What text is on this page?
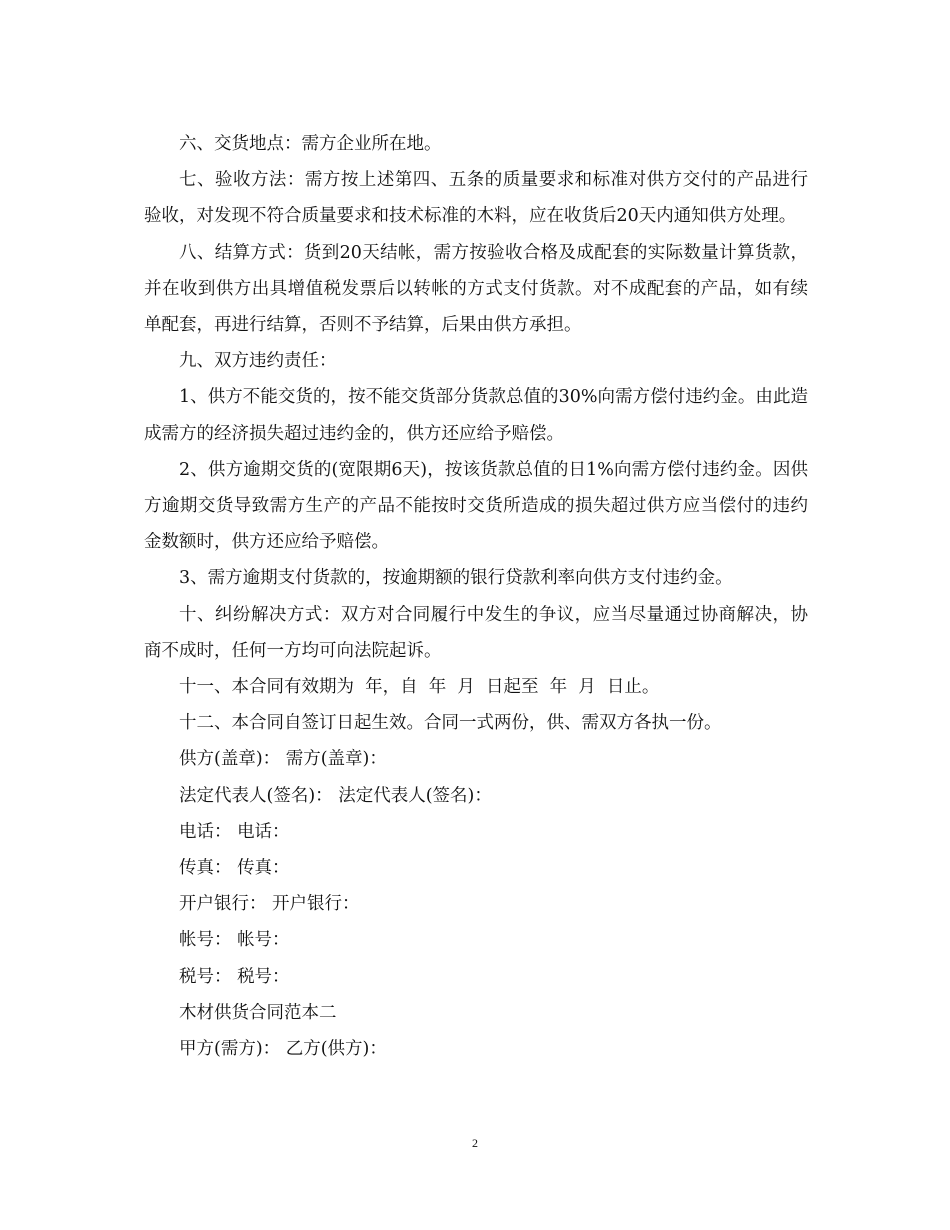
六、交货地点：需方企业所在地。

七、验收方法：需方按上述第四、五条的质量要求和标准对供方交付的产品进行验收，对发现不符合质量要求和技术标准的木料，应在收货后20天内通知供方处理。

八、结算方式：货到20天结帐，需方按验收合格及成配套的实际数量计算货款，并在收到供方出具增值税发票后以转帐的方式支付货款。对不成配套的产品，如有续单配套，再进行结算，否则不予结算，后果由供方承担。

九、双方违约责任：

1、供方不能交货的，按不能交货部分货款总值的30%向需方偿付违约金。由此造成需方的经济损失超过违约金的，供方还应给予赔偿。

2、供方逾期交货的(宽限期6天)，按该货款总值的日1%向需方偿付违约金。因供方逾期交货导致需方生产的产品不能按时交货所造成的损失超过供方应当偿付的违约金数额时，供方还应给予赔偿。

3、需方逾期支付货款的，按逾期额的银行贷款利率向供方支付违约金。

十、纠纷解决方式：双方对合同履行中发生的争议，应当尽量通过协商解决，协商不成时，任何一方均可向法院起诉。

十一、本合同有效期为  年，自  年  月  日起至  年  月  日止。

十二、本合同自签订日起生效。合同一式两份，供、需双方各执一份。

供方(盖章)： 需方(盖章)：

法定代表人(签名)： 法定代表人(签名)：

电话： 电话：

传真： 传真：

开户银行： 开户银行：

帐号： 帐号：

税号： 税号：

木材供货合同范本二

甲方(需方)： 乙方(供方)：

2
